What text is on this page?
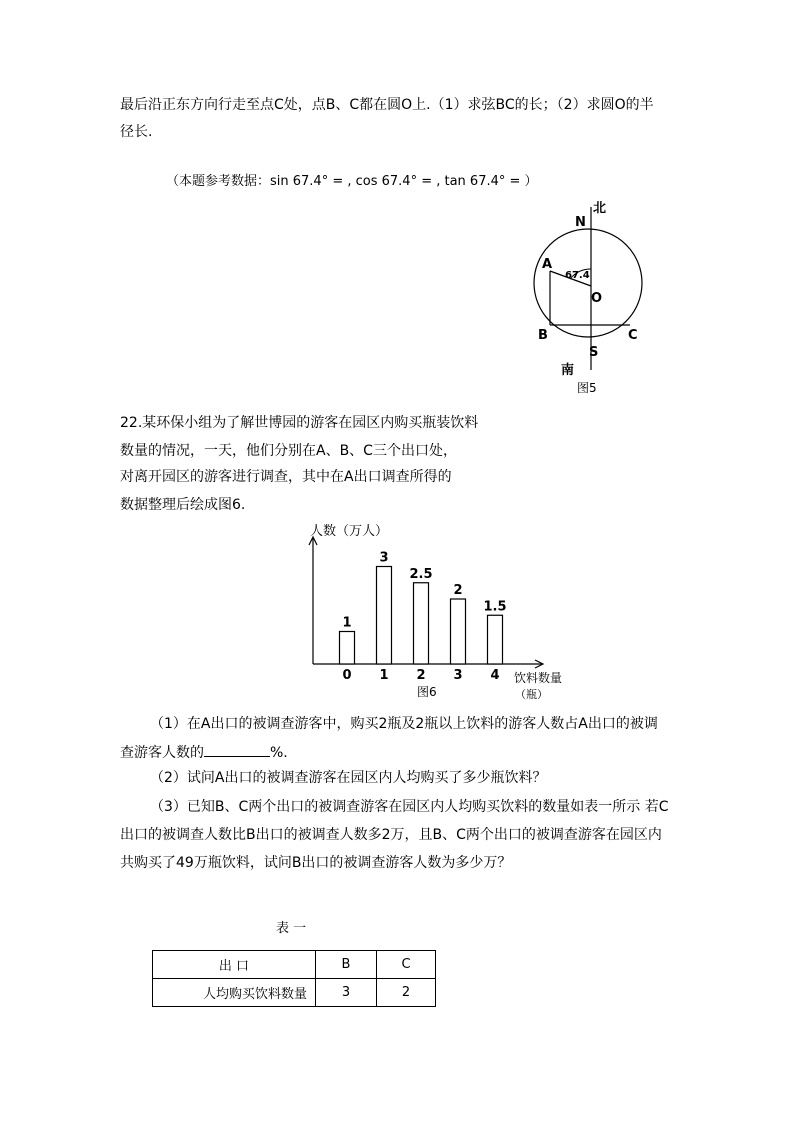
最后沿正东方向行走至点C处，点B、C都在圆O上.（1）求弦BC的长；（2）求圆O的半
径长.
（本题参考数据：sin 67.4° = , cos 67.4° = , tan 67.4° = ）
北
N
A
67.4
O
B	C
S
南
图5
22.某环保小组为了解世博园的游客在园区内购买瓶装饮料
数量的情况，一天，他们分别在A、B、C三个出口处，
对离开园区的游客进行调查，其中在A出口调查所得的
数据整理后绘成图6.
人数（万人）
1
0
3
1
2.5
2
2
3
1.5
4 饮料数量
（瓶）
图6
（1）在A出口的被调查游客中，购买2瓶及2瓶以上饮料的游客人数占A出口的被调
查游客人数的	%.
（2）试问A出口的被调查游客在园区内人均购买了多少瓶饮料？
（3）已知B、C两个出口的被调查游客在园区内人均购买饮料的数量如表一所示 若C
出口的被调查人数比B出口的被调查人数多2万，且B、C两个出口的被调查游客在园区内
共购买了49万瓶饮料，试问B出口的被调查游客人数为多少万？
表 一
出 口	B	C
人均购买饮料数量	3	2
